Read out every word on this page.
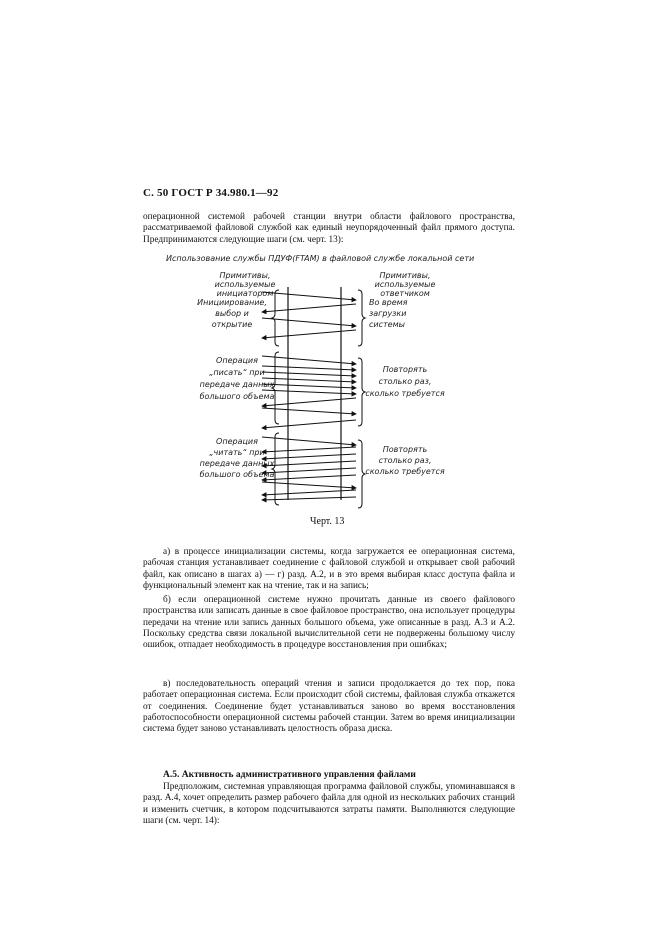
С. 50 ГОСТ Р 34.980.1—92

операционной системой рабочей станции внутри области файлового пространства, рассматриваемой файловой службой как единый неупорядоченный файл прямого доступа. Предпринимаются следующие шаги (см. черт. 13):

Использование службы ПДУФ(FTAM) в файловой службе локальной сети
Примитивы, используемые инициатором
Примитивы, используемые ответчиком
Инициирование, выбор и открытие
Во время загрузки системы
Операция „писать“ при передаче данных большого объема
Повторять столько раз, сколько требуется
Операция „читать“ при передаче данных большого объема
Повторять столько раз, сколько требуется
Черт. 13

а) в процессе инициализации системы, когда загружается ее операционная система, рабочая станция устанавливает соединение с файловой службой и открывает свой рабочий файл, как описано в шагах а) — г) разд. А.2, и в это время выбирая класс доступа файла и функциональный элемент как на чтение, так и на запись;

б) если операционной системе нужно прочитать данные из своего файлового пространства или записать данные в свое файловое пространство, она использует процедуры передачи на чтение или запись данных большого объема, уже описанные в разд. А.3 и А.2. Поскольку средства связи локальной вычислительной сети не подвержены большому числу ошибок, отпадает необходимость в процедуре восстановления при ошибках;

в) последовательность операций чтения и записи продолжается до тех пор, пока работает операционная система. Если происходит сбой системы, файловая служба откажется от соединения. Соединение будет устанавливаться заново во время восстановления работоспособности операционной системы рабочей станции. Затем во время инициализации система будет заново устанавливать целостность образа диска.

А.5. Активность административного управления файлами

Предположим, системная управляющая программа файловой службы, упоминавшаяся в разд. А.4, хочет определить размер рабочего файла для одной из нескольких рабочих станций и изменить счетчик, в котором подсчитываются затраты памяти. Выполняются следующие шаги (см. черт. 14):
